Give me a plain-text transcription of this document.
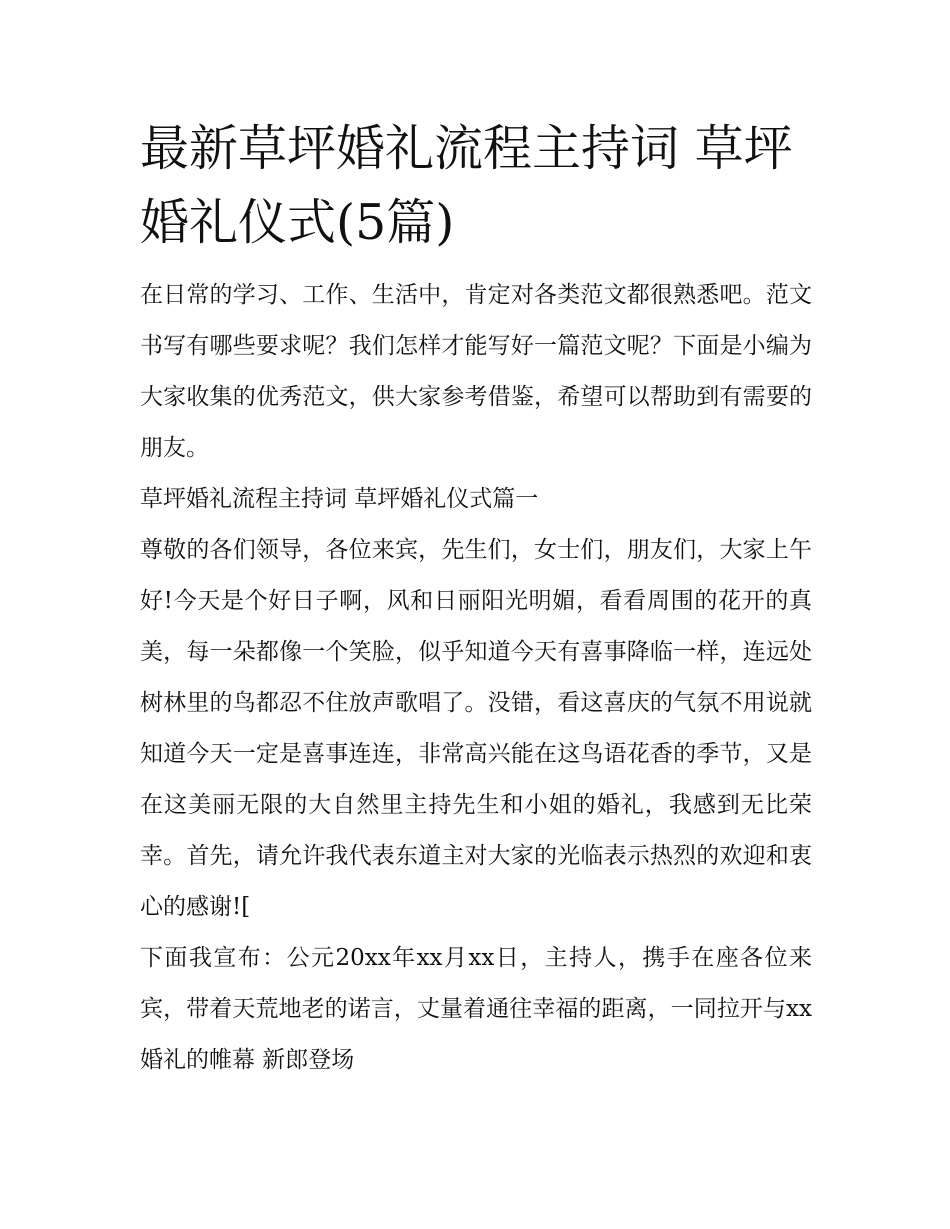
最新草坪婚礼流程主持词 草坪婚礼仪式(5篇)

在日常的学习、工作、生活中，肯定对各类范文都很熟悉吧。范文书写有哪些要求呢？我们怎样才能写好一篇范文呢？下面是小编为大家收集的优秀范文，供大家参考借鉴，希望可以帮助到有需要的朋友。

草坪婚礼流程主持词 草坪婚礼仪式篇一

尊敬的各们领导，各位来宾，先生们，女士们，朋友们，大家上午好!今天是个好日子啊，风和日丽阳光明媚，看看周围的花开的真美，每一朵都像一个笑脸，似乎知道今天有喜事降临一样，连远处树林里的鸟都忍不住放声歌唱了。没错，看这喜庆的气氛不用说就知道今天一定是喜事连连，非常高兴能在这鸟语花香的季节，又是在这美丽无限的大自然里主持先生和小姐的婚礼，我感到无比荣幸。首先，请允许我代表东道主对大家的光临表示热烈的欢迎和衷心的感谢![

下面我宣布：公元20xx年xx月xx日，主持人，携手在座各位来宾，带着天荒地老的诺言，丈量着通往幸福的距离，一同拉开与xx婚礼的帷幕 新郎登场
